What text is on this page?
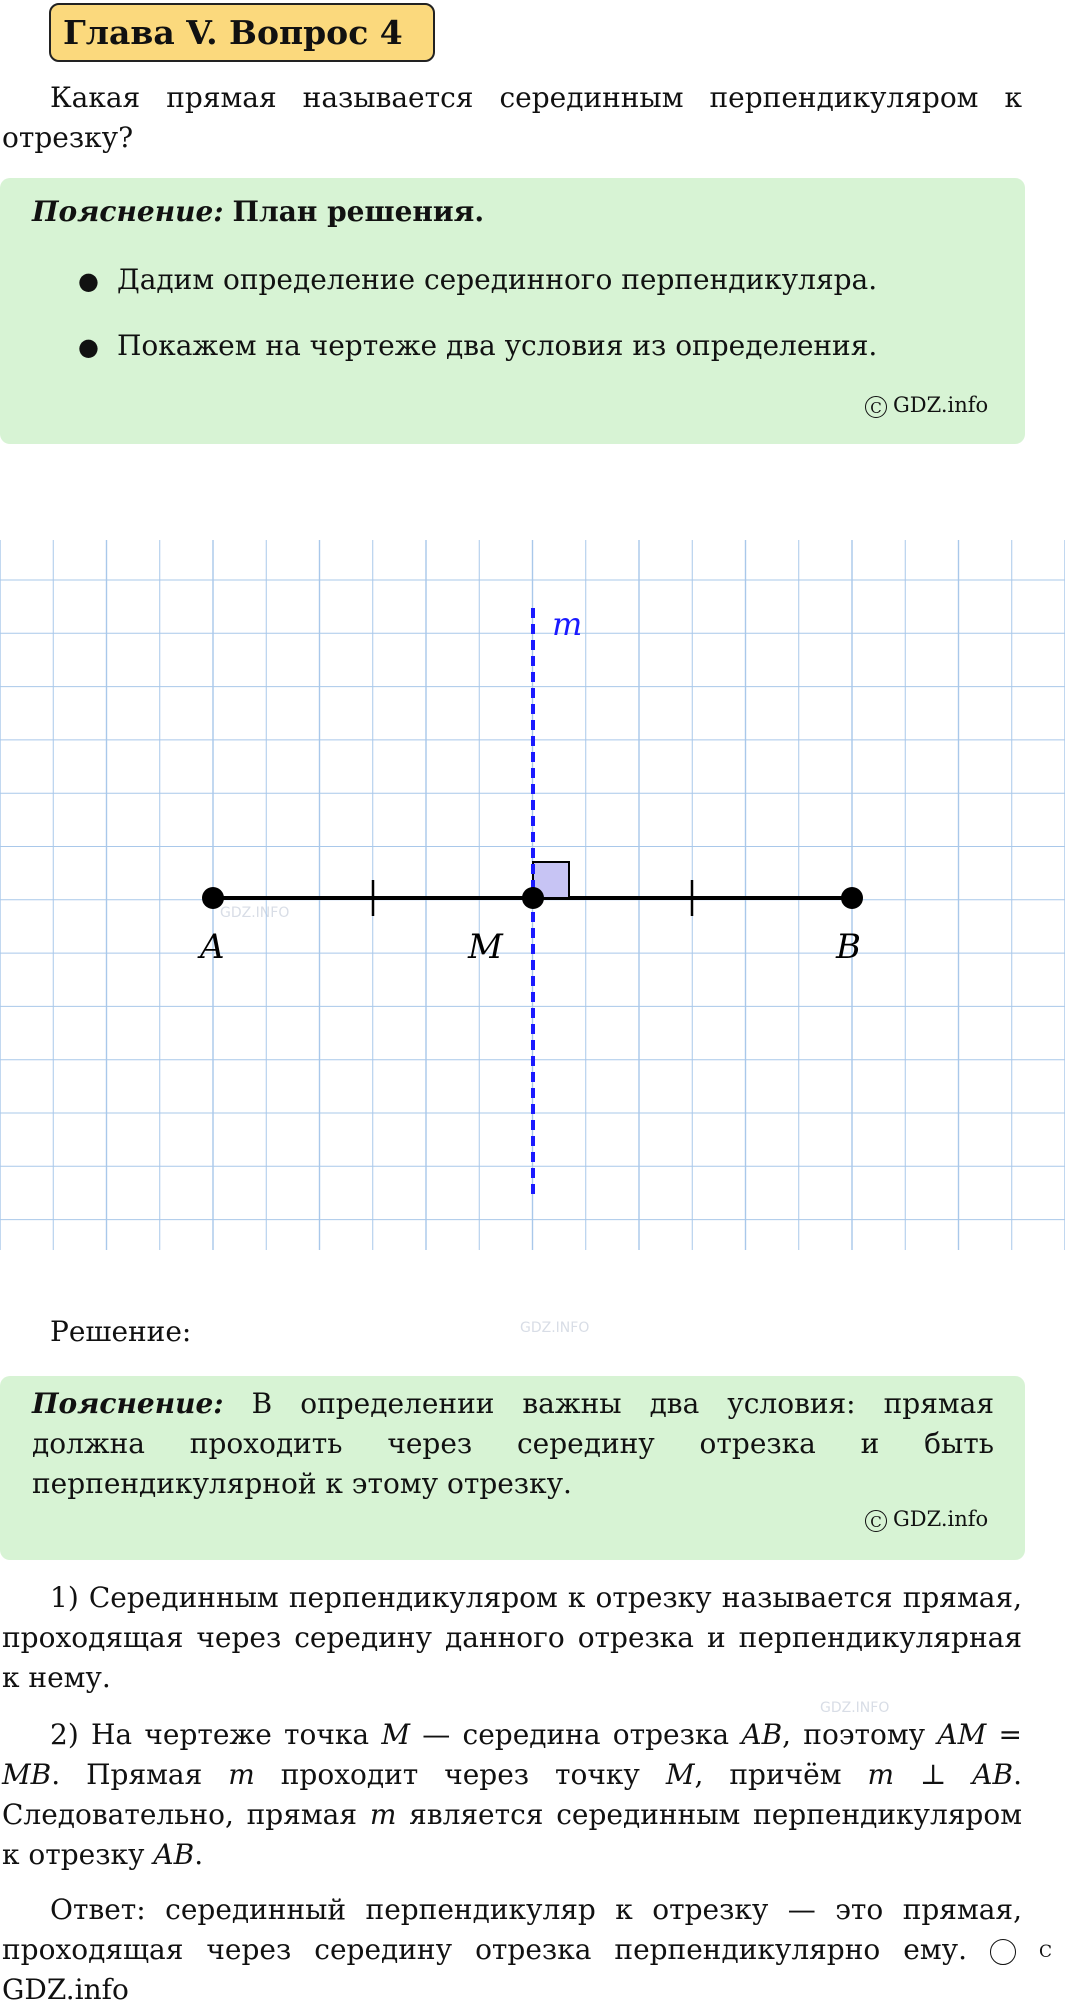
GDZ.INFO
GDZ.INFO
GDZ.INFO
Глава V. Вопрос 4
Какая прямая называется серединным перпендикуляром к отрезку?
Пояснение: План решения.
● Дадим определение серединного перпендикуляра.
● Покажем на чертеже два условия из определения.
C GDZ.info
A	M	B
m
Решение:
Пояснение: В определении важны два условия: прямая должна проходить через середину отрезка и быть перпендикулярной к этому отрезку.
C GDZ.info
1) Серединным перпендикуляром к отрезку называется прямая, проходящая через середину данного отрезка и перпендикулярная к нему.
2) На чертеже точка M — середина отрезка AB, поэтому AM = MB. Прямая m проходит через точку M, причём m ⊥ AB. Следовательно, прямая m является серединным перпендикуляром к отрезку AB.
Ответ: серединный перпендикуляр к отрезку — это прямая, проходящая через середину отрезка перпендикулярно ему.	CGDZ.info
